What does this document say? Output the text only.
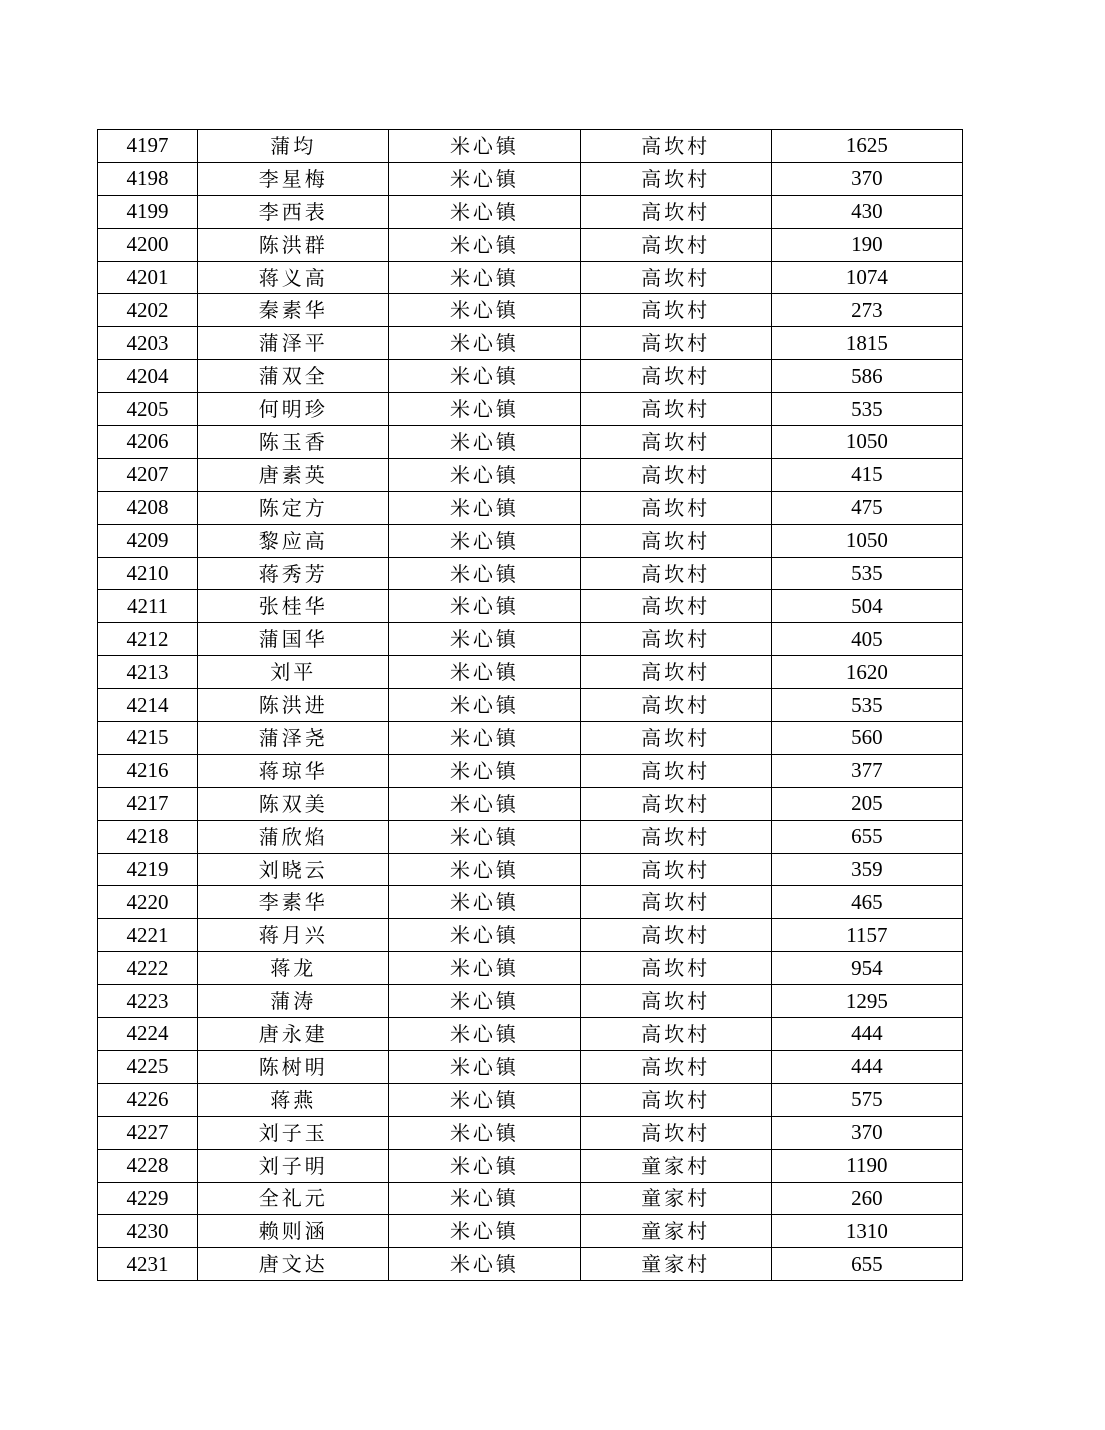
4197	蒲均	米心镇	高坎村	1625
4198	李星梅	米心镇	高坎村	370
4199	李西表	米心镇	高坎村	430
4200	陈洪群	米心镇	高坎村	190
4201	蒋义高	米心镇	高坎村	1074
4202	秦素华	米心镇	高坎村	273
4203	蒲泽平	米心镇	高坎村	1815
4204	蒲双全	米心镇	高坎村	586
4205	何明珍	米心镇	高坎村	535
4206	陈玉香	米心镇	高坎村	1050
4207	唐素英	米心镇	高坎村	415
4208	陈定方	米心镇	高坎村	475
4209	黎应高	米心镇	高坎村	1050
4210	蒋秀芳	米心镇	高坎村	535
4211	张桂华	米心镇	高坎村	504
4212	蒲国华	米心镇	高坎村	405
4213	刘平	米心镇	高坎村	1620
4214	陈洪进	米心镇	高坎村	535
4215	蒲泽尧	米心镇	高坎村	560
4216	蒋琼华	米心镇	高坎村	377
4217	陈双美	米心镇	高坎村	205
4218	蒲欣焰	米心镇	高坎村	655
4219	刘晓云	米心镇	高坎村	359
4220	李素华	米心镇	高坎村	465
4221	蒋月兴	米心镇	高坎村	1157
4222	蒋龙	米心镇	高坎村	954
4223	蒲涛	米心镇	高坎村	1295
4224	唐永建	米心镇	高坎村	444
4225	陈树明	米心镇	高坎村	444
4226	蒋燕	米心镇	高坎村	575
4227	刘子玉	米心镇	高坎村	370
4228	刘子明	米心镇	童家村	1190
4229	全礼元	米心镇	童家村	260
4230	赖则涵	米心镇	童家村	1310
4231	唐文达	米心镇	童家村	655
